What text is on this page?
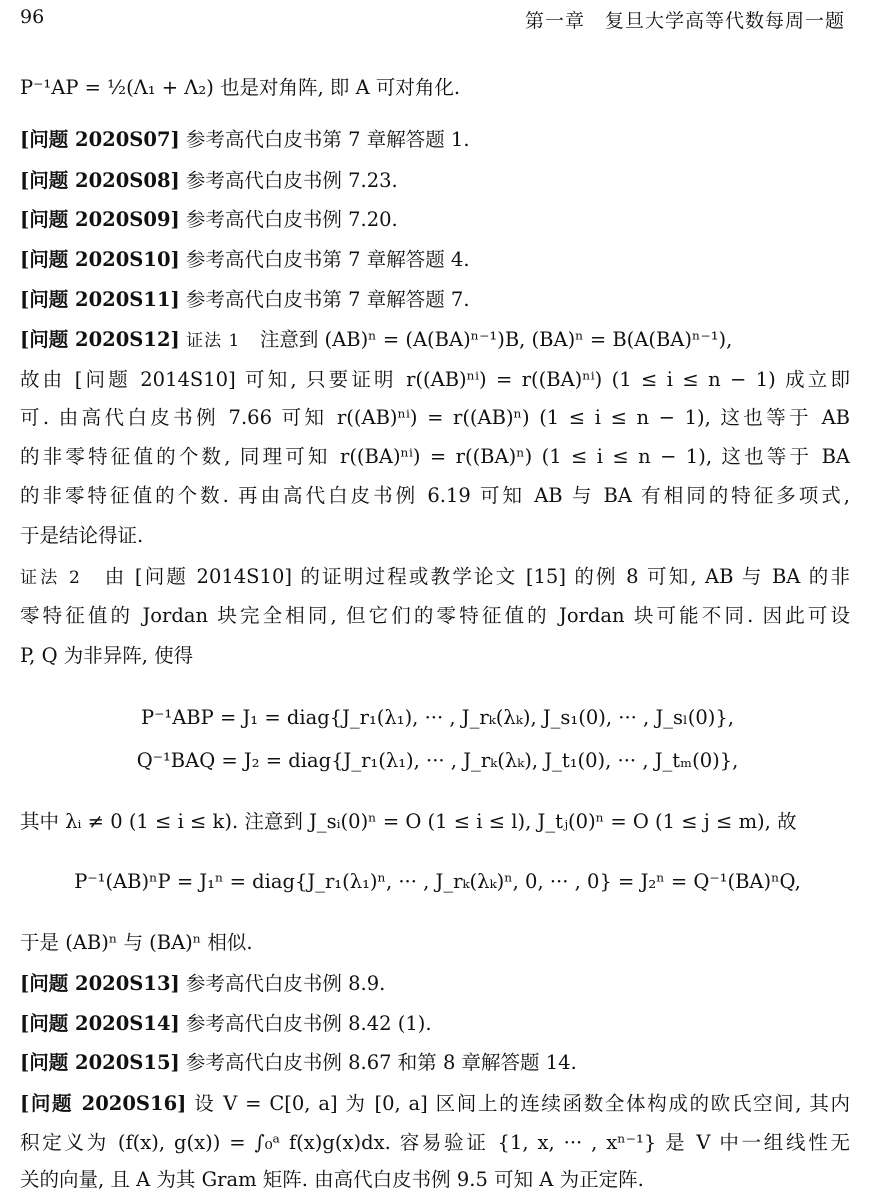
96	第一章　复旦大学高等代数每周一题
P⁻¹AP = ½(Λ₁ + Λ₂) 也是对角阵, 即 A 可对角化.
[问题 2020S07] 参考高代白皮书第 7 章解答题 1.
[问题 2020S08] 参考高代白皮书例 7.23.
[问题 2020S09] 参考高代白皮书例 7.20.
[问题 2020S10] 参考高代白皮书第 7 章解答题 4.
[问题 2020S11] 参考高代白皮书第 7 章解答题 7.
[问题 2020S12] 证法 1　注意到 (AB)ⁿ = (A(BA)ⁿ⁻¹)B, (BA)ⁿ = B(A(BA)ⁿ⁻¹),
故由 [问题 2014S10] 可知, 只要证明 r((AB)ⁿⁱ) = r((BA)ⁿⁱ) (1 ≤ i ≤ n − 1) 成立即
可. 由高代白皮书例 7.66 可知 r((AB)ⁿⁱ) = r((AB)ⁿ) (1 ≤ i ≤ n − 1), 这也等于 AB
的非零特征值的个数, 同理可知 r((BA)ⁿⁱ) = r((BA)ⁿ) (1 ≤ i ≤ n − 1), 这也等于 BA
的非零特征值的个数. 再由高代白皮书例 6.19 可知 AB 与 BA 有相同的特征多项式,
于是结论得证.
证法 2　由 [问题 2014S10] 的证明过程或教学论文 [15] 的例 8 可知, AB 与 BA 的非
零特征值的 Jordan 块完全相同, 但它们的零特征值的 Jordan 块可能不同. 因此可设
P, Q 为非异阵, 使得
P⁻¹ABP = J₁ = diag{J_r₁(λ₁), ··· , J_rₖ(λₖ), J_s₁(0), ··· , J_sₗ(0)},
Q⁻¹BAQ = J₂ = diag{J_r₁(λ₁), ··· , J_rₖ(λₖ), J_t₁(0), ··· , J_tₘ(0)},
其中 λᵢ ≠ 0 (1 ≤ i ≤ k). 注意到 J_sᵢ(0)ⁿ = O (1 ≤ i ≤ l), J_tⱼ(0)ⁿ = O (1 ≤ j ≤ m), 故
P⁻¹(AB)ⁿP = J₁ⁿ = diag{J_r₁(λ₁)ⁿ, ··· , J_rₖ(λₖ)ⁿ, 0, ··· , 0} = J₂ⁿ = Q⁻¹(BA)ⁿQ,
于是 (AB)ⁿ 与 (BA)ⁿ 相似.
[问题 2020S13] 参考高代白皮书例 8.9.
[问题 2020S14] 参考高代白皮书例 8.42 (1).
[问题 2020S15] 参考高代白皮书例 8.67 和第 8 章解答题 14.
[问题 2020S16] 设 V = C[0, a] 为 [0, a] 区间上的连续函数全体构成的欧氏空间, 其内
积定义为 (f(x), g(x)) = ∫₀ᵃ f(x)g(x)dx. 容易验证 {1, x, ··· , xⁿ⁻¹} 是 V 中一组线性无
关的向量, 且 A 为其 Gram 矩阵. 由高代白皮书例 9.5 可知 A 为正定阵.
